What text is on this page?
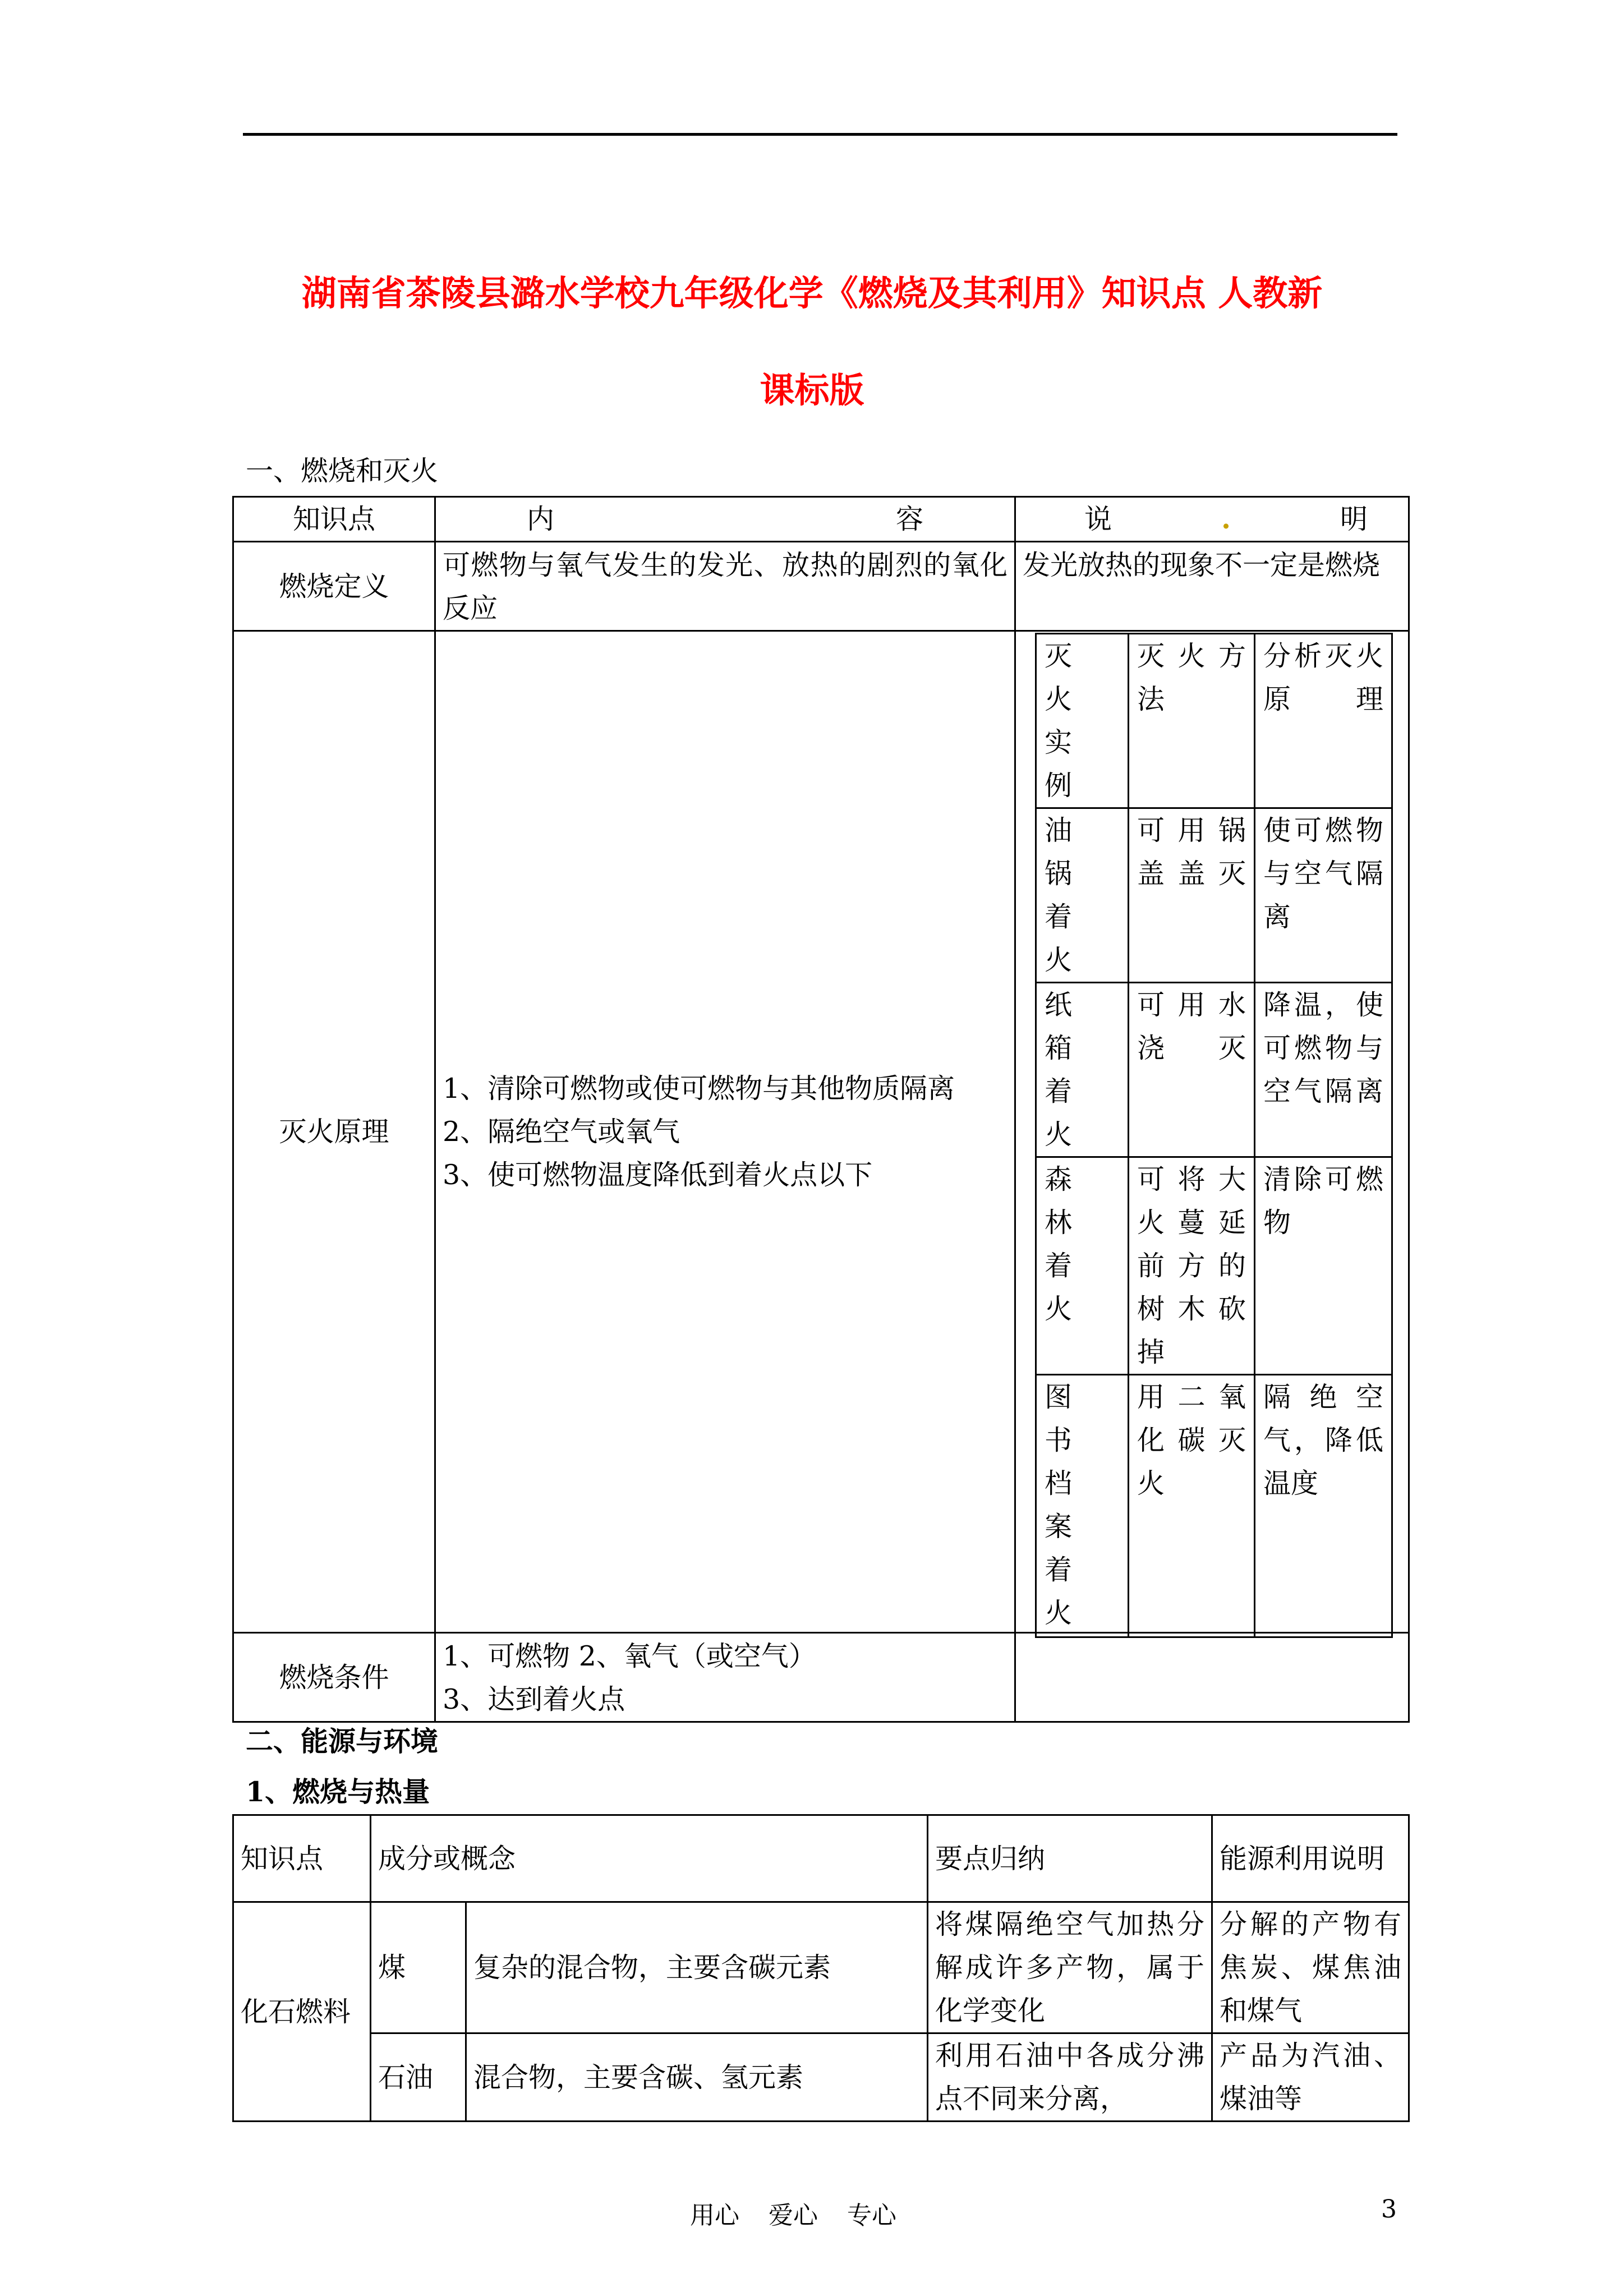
湖南省茶陵县潞水学校九年级化学《燃烧及其利用》知识点 人教新
课标版
一、燃烧和灭火
知识点	内 容	说 . 明

燃烧定义	可燃物与氧气发生的发光、放热的剧烈的氧化反应	发光放热的现象不一定是燃烧
灭火原理	1、清除可燃物或使可燃物与其他物质隔离
2、隔绝空气或氧气
3、使可燃物温度降低到着火点以下	

燃烧条件	1、可燃物 2、氧气（或空气）
3、达到着火点	

灭火实例	灭火方法	分析灭火原理

油锅着火	可用锅盖盖灭	使可燃物与空气隔离

纸箱着火	可用水浇灭	降温，使可燃物与空气隔离

森林着火	可将大火蔓延前方的树木砍掉	清除可燃物

图书档案着火	用二氧化碳灭火	隔绝空气，降低温度
二、能源与环境
1、燃烧与热量
知识点	成分或概念		要点归纳	能源利用说明
化石燃料	煤	复杂的混合物，主要含碳元素	将煤隔绝空气加热分解成许多产物，属于化学变化	分解的产物有焦炭、煤焦油和煤气
	石油	混合物，主要含碳、氢元素	利用石油中各成分沸点不同来分离，	产品为汽油、煤油等
用心 爱心 专心	3
